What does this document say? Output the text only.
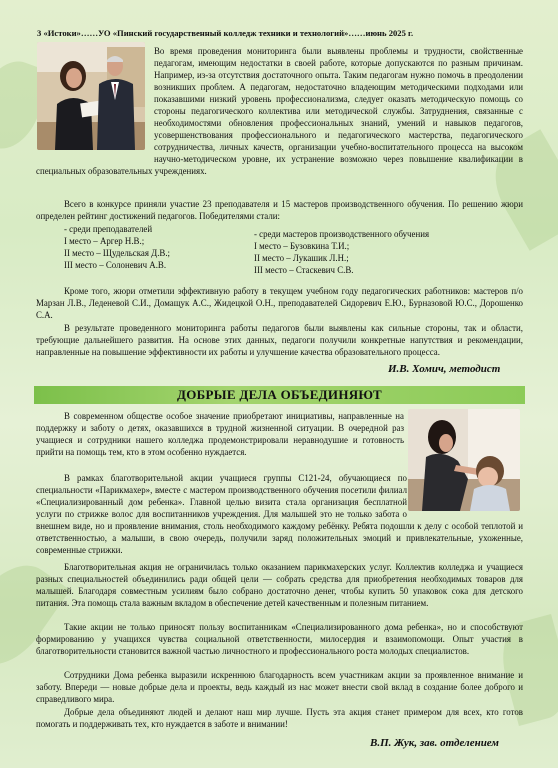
3 «Истоки»……УО «Пинский государственный колледж техники и технологий»……июнь 2025 г.

Во время проведения мониторинга были выявлены проблемы и трудности, свойственные педагогам, имеющим недостатки в своей работе, которые допускаются по разным причинам. Например, из-за отсутствия достаточного опыта. Таким педагогам нужно помочь в преодолении возникших проблем. А педагогам, недостаточно владеющим методическими подходами или показавшими низкий уровень профессионализма, следует оказать методическую помощь со стороны педагогического коллектива или методической службы. Затруднения, связанные с необходимостями обновления профессиональных знаний, умений и навыков педагогов, усовершенствования профессионального и педагогического мастерства, педагогического сотрудничества, личных качеств, организации учебно-воспитательного процесса на высоком научно-методическом уровне, их устранение возможно через повышение квалификации в специальных образовательных учреждениях.

Всего в конкурсе приняли участие 23 преподавателя и 15 мастеров производственного обучения. По решению жюри определен рейтинг достижений педагогов. Победителями стали:

- среди преподавателей
I место – Аргер Н.В.;
II место – Щудельская Д.В.;
III место – Солоневич А.В.
- среди мастеров производственного обучения
I место – Бузовкина Т.И.;
II место – Лукашик Л.Н.;
III место – Стаскевич С.В.

Кроме того, жюри отметили эффективную работу в текущем учебном году педагогических работников: мастеров п/о Марзан Л.В., Леденевой С.И., Домащук А.С., Жидецкой О.Н., преподавателей Сидоревич Е.Ю., Бурназовой Ю.С., Дорошенко С.А.

В результате проведенного мониторинга работы педагогов были выявлены как сильные стороны, так и области, требующие дальнейшего развития. На основе этих данных, педагоги получили конкретные напутствия и рекомендации, направленные на повышение эффективности их работы и улучшение качества образовательного процесса.

И.В. Хомич, методист
ДОБРЫЕ ДЕЛА ОБЪЕДИНЯЮТ

В современном обществе особое значение приобретают инициативы, направленные на поддержку и заботу о детях, оказавшихся в трудной жизненной ситуации. В очередной раз учащиеся и сотрудники нашего колледжа продемонстрировали неравнодушие и готовность прийти на помощь тем, кто в этом особенно нуждается.

В рамках благотворительной акции учащиеся группы С121-24, обучающиеся по специальности «Парикмахер», вместе с мастером производственного обучения посетили филиал «Специализированный дом ребенка». Главной целью визита стала организация бесплатной услуги по стрижке волос для воспитанников учреждения. Для малышей это не только забота о внешнем виде, но и проявление внимания, столь необходимого каждому ребёнку. Ребята подошли к делу с особой теплотой и ответственностью, а малыши, в свою очередь, получили заряд положительных эмоций и привлекательные, ухоженные, современные стрижки.

Благотворительная акция не ограничилась только оказанием парикмахерских услуг. Коллектив колледжа и учащиеся разных специальностей объединились ради общей цели — собрать средства для приобретения необходимых товаров для малышей. Благодаря совместным усилиям было собрано достаточно денег, чтобы купить 50 упаковок сока для детского питания. Эта помощь стала важным вкладом в обеспечение детей качественным и полезным питанием.

Такие акции не только приносят пользу воспитанникам «Специализированного дома ребенка», но и способствуют формированию у учащихся чувства социальной ответственности, милосердия и взаимопомощи. Опыт участия в благотворительности становится важной частью личностного и профессионального роста молодых специалистов.

Сотрудники Дома ребенка выразили искреннюю благодарность всем участникам акции за проявленное внимание и заботу. Впереди — новые добрые дела и проекты, ведь каждый из нас может внести свой вклад в создание более доброго и справедливого мира.

Добрые дела объединяют людей и делают наш мир лучше. Пусть эта акция станет примером для всех, кто готов помогать и поддерживать тех, кто нуждается в заботе и внимании!

В.П. Жук, зав. отделением
